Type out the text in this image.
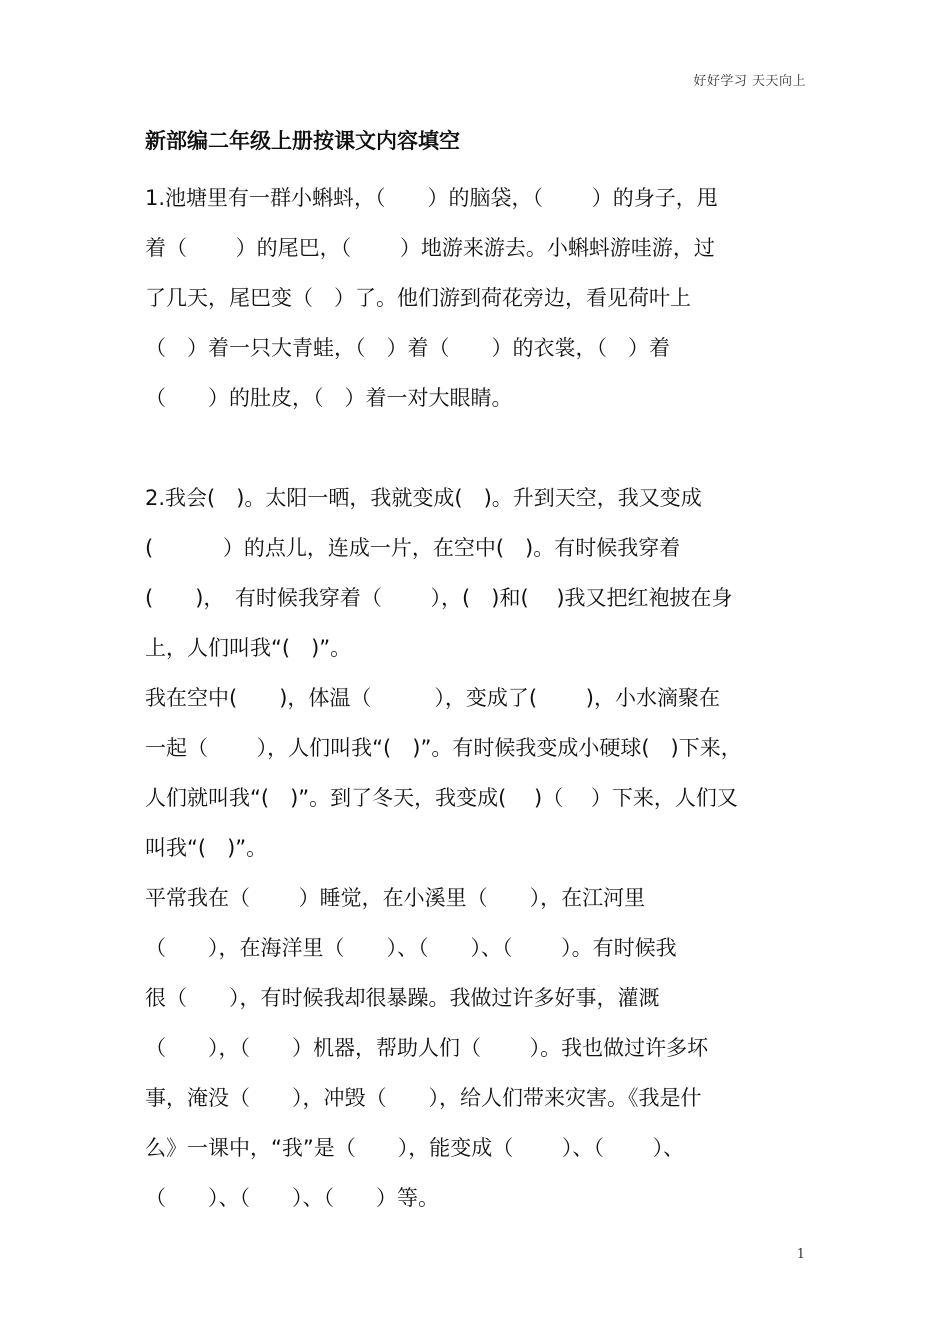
好好学习 天天向上
新部编二年级上册按课文内容填空
1.池塘里有一群小蝌蚪，（　　）的脑袋，（　　 ）的身子，甩
着（　　 ）的尾巴，（　　 ）地游来游去。小蝌蚪游哇游，过
了几天，尾巴变（　）了。他们游到荷花旁边，看见荷叶上
（　）着一只大青蛙，（　）着（　　）的衣裳，（　）着
（　　）的肚皮，（　）着一对大眼睛。
2.我会(　)。太阳一晒，我就变成(　)。升到天空，我又变成
(　　　 ）的点儿，连成一片，在空中(　)。有时候我穿着
(　　)，　有时候我穿着（　　 ），(　)和(　 )我又把红袍披在身
上，人们叫我“(　)”。
我在空中(　　)，体温（　　　），变成了(　　 )，小水滴聚在
一起（　　 ），人们叫我“(　)”。有时候我变成小硬球(　)下来，
人们就叫我“(　)”。到了冬天，我变成(　 )（　 ）下来，人们又
叫我“(　)”。
平常我在（　　 ）睡觉，在小溪里（　　），在江河里
（　　），在海洋里（　　）、（　　）、（　　 ）。有时候我
很（　　），有时候我却很暴躁。我做过许多好事，灌溉
（　　），（　　）机器，帮助人们（　　 ）。我也做过许多坏
事，淹没（　　），冲毁（　　），给人们带来灾害。《我是什
么》一课中，“我”是（　　），能变成（　　 ）、（　　 ）、
（　　）、（　　）、（　　）等。
1
